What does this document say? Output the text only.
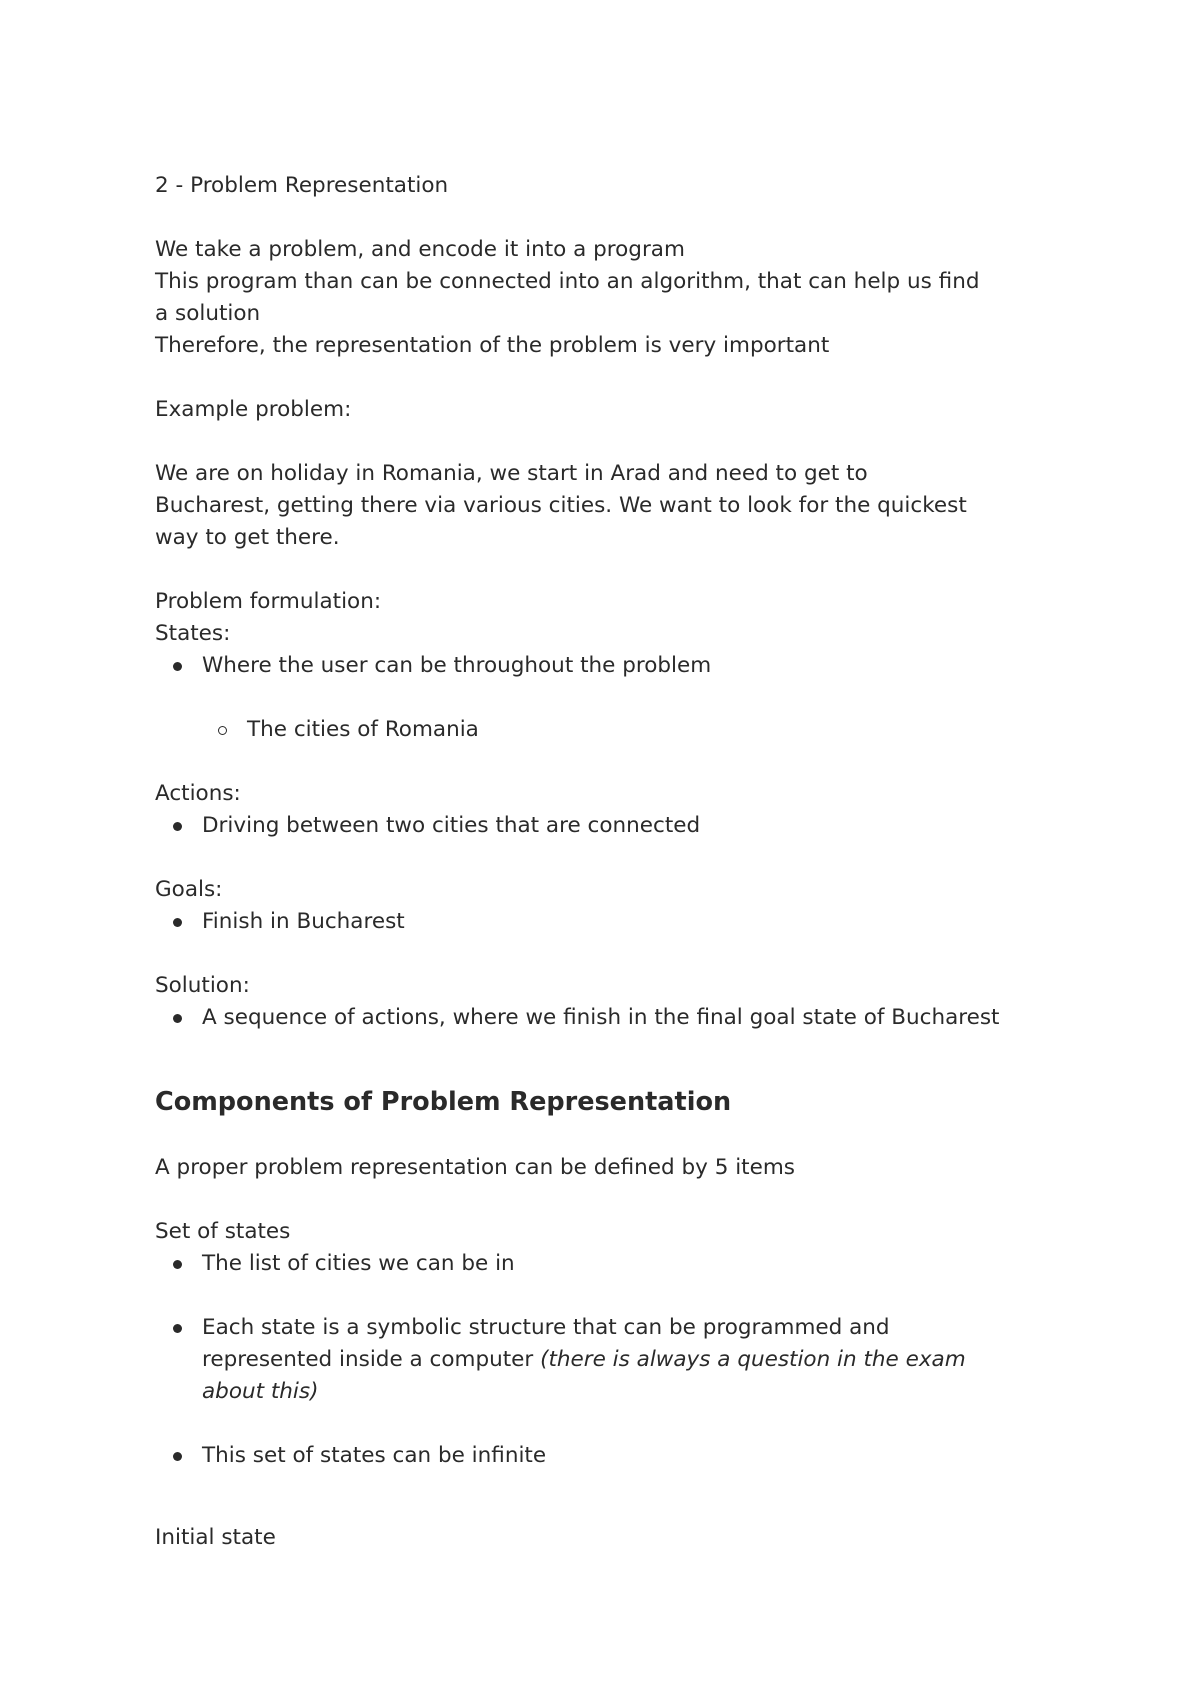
2 - Problem Representation

We take a problem, and encode it into a program

This program than can be connected into an algorithm, that can help us find a solution

Therefore, the representation of the problem is very important

Example problem:

We are on holiday in Romania, we start in Arad and need to get to Bucharest, getting there via various cities. We want to look for the quickest way to get there.

Problem formulation:

States:

Where the user can be throughout the problem
The cities of Romania

Actions:

Driving between two cities that are connected

Goals:

Finish in Bucharest

Solution:

A sequence of actions, where we finish in the final goal state of Bucharest
Components of Problem Representation

A proper problem representation can be defined by 5 items

Set of states

The list of cities we can be in
Each state is a symbolic structure that can be programmed and represented inside a computer (there is always a question in the exam about this)
This set of states can be infinite

Initial state
